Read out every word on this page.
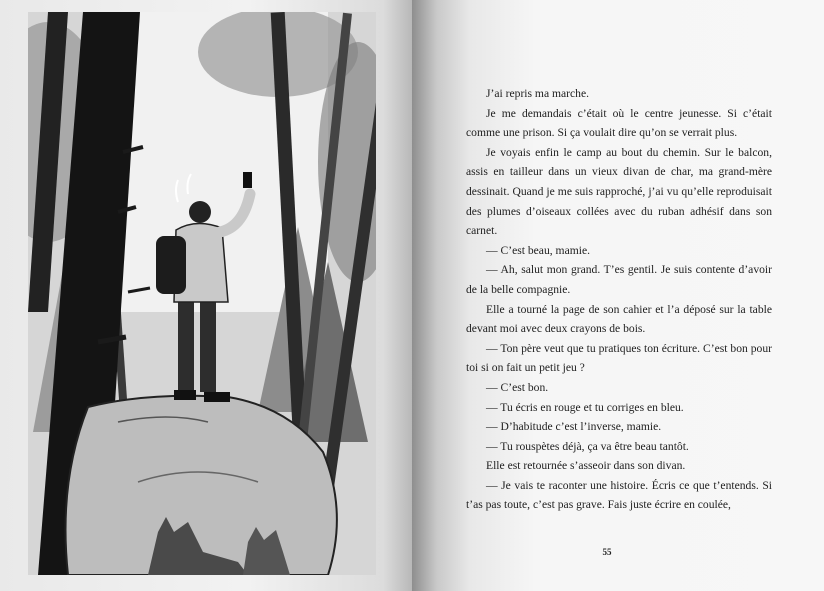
J’ai repris ma marche.

Je me demandais c’était où le centre jeunesse. Si c’était comme une prison. Si ça voulait dire qu’on se verrait plus.

Je voyais enfin le camp au bout du chemin. Sur le balcon, assis en tailleur dans un vieux divan de char, ma grand-mère dessinait. Quand je me suis rapproché, j’ai vu qu’elle reproduisait des plumes d’oiseaux collées avec du ruban adhésif dans son carnet.

— C’est beau, mamie.

— Ah, salut mon grand. T’es gentil. Je suis contente d’avoir de la belle compagnie.

Elle a tourné la page de son cahier et l’a déposé sur la table devant moi avec deux crayons de bois.

— Ton père veut que tu pratiques ton écriture. C’est bon pour toi si on fait un petit jeu ?

— C’est bon.

— Tu écris en rouge et tu corriges en bleu.

— D’habitude c’est l’inverse, mamie.

— Tu rouspètes déjà, ça va être beau tantôt.

Elle est retournée s’asseoir dans son divan.

— Je vais te raconter une histoire. Écris ce que t’entends. Si t’as pas toute, c’est pas grave. Fais juste écrire en coulée,

55
